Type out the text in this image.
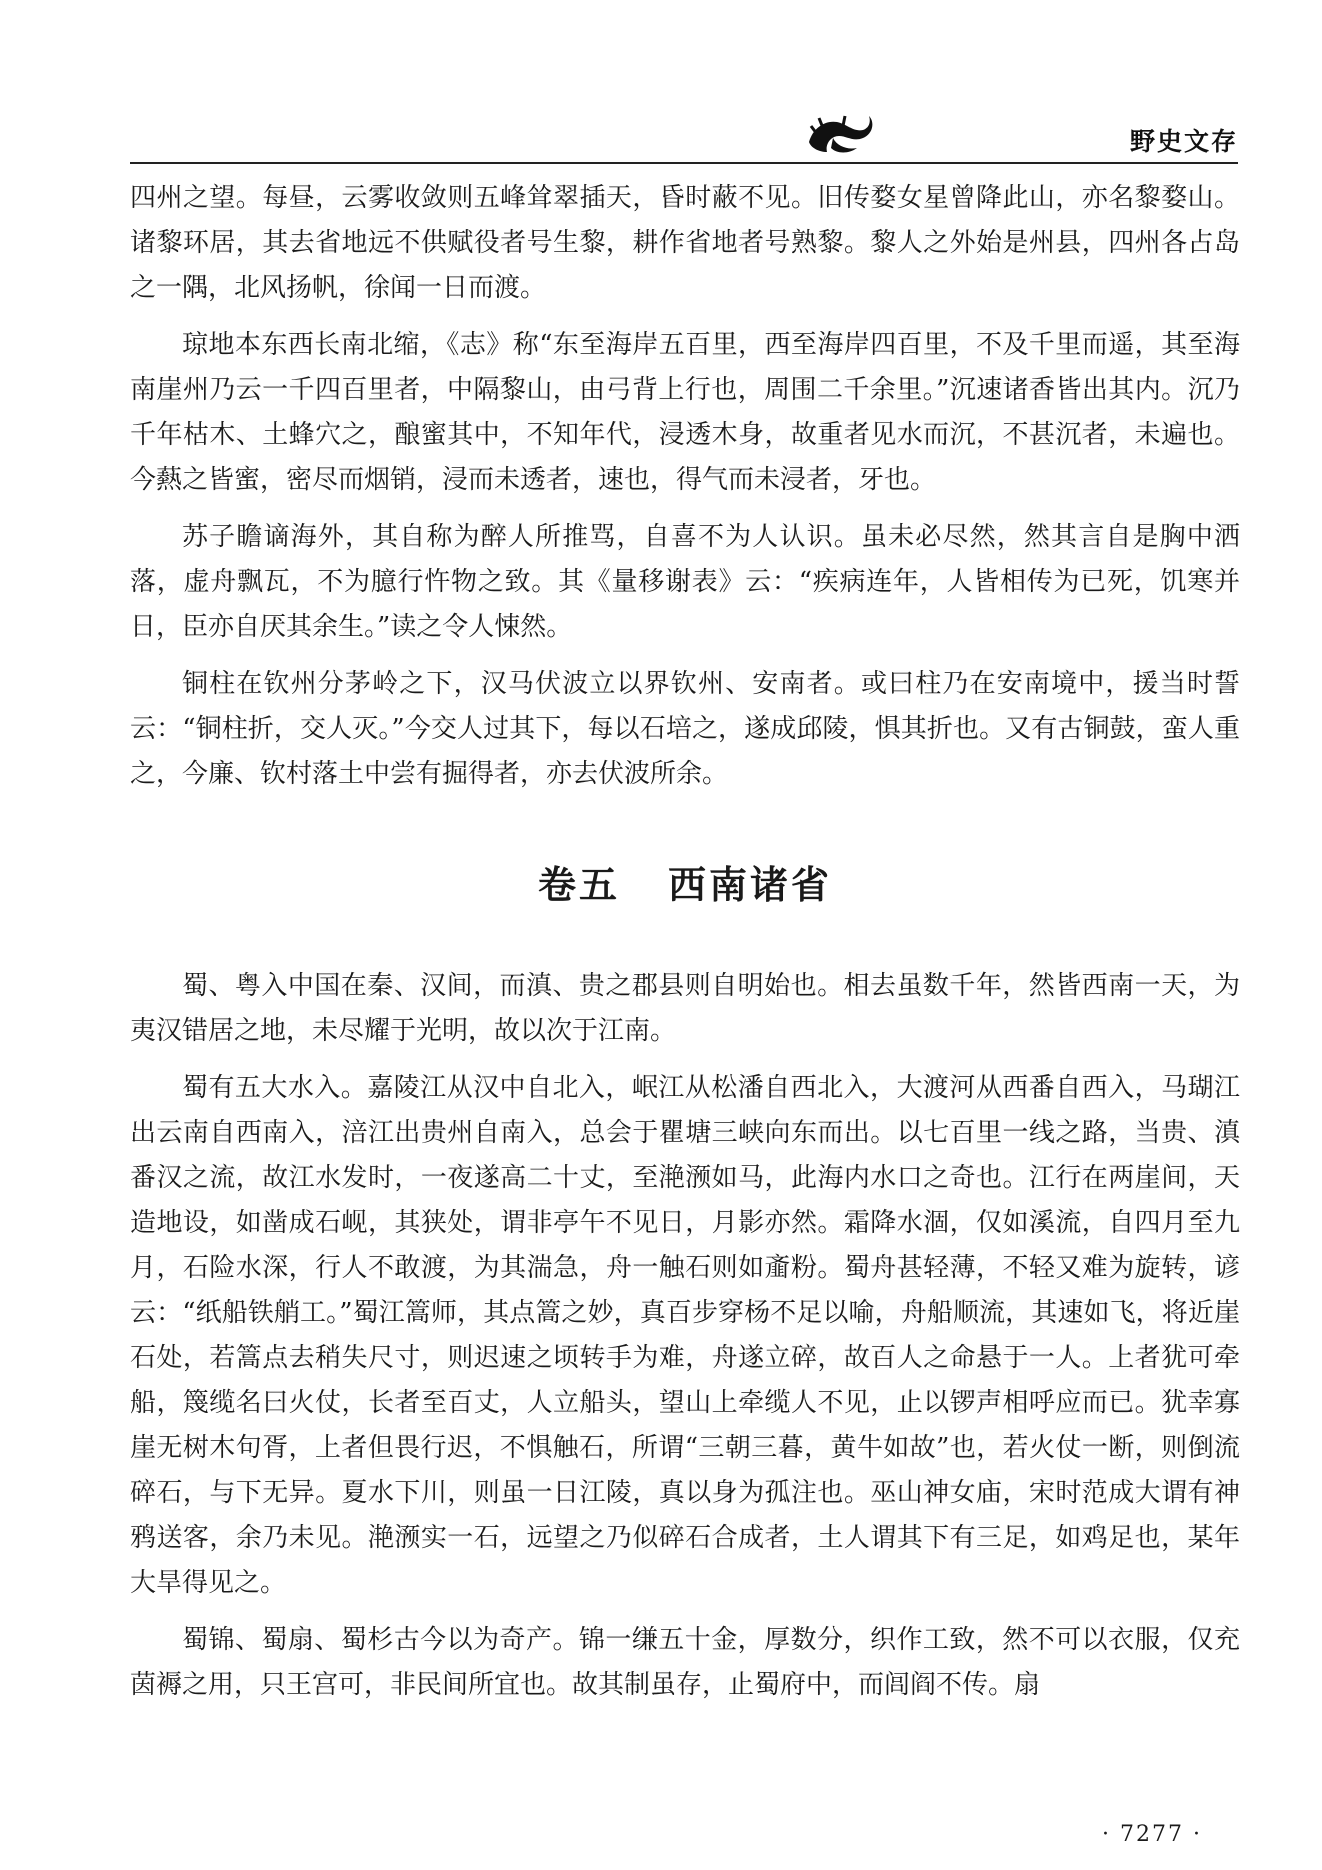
野史文存

四州之望。每昼，云雾收敛则五峰耸翠插天，昏时蔽不见。旧传婺女星曾降此山，亦名黎婺山。诸黎环居，其去省地远不供赋役者号生黎，耕作省地者号熟黎。黎人之外始是州县，四州各占岛之一隅，北风扬帆，徐闻一日而渡。

琼地本东西长南北缩，《志》称“东至海岸五百里，西至海岸四百里，不及千里而遥，其至海南崖州乃云一千四百里者，中隔黎山，由弓背上行也，周围二千余里。”沉速诸香皆出其内。沉乃千年枯木、土蜂穴之，酿蜜其中，不知年代，浸透木身，故重者见水而沉，不甚沉者，未遍也。今爇之皆蜜，密尽而烟销，浸而未透者，速也，得气而未浸者，牙也。

苏子瞻谪海外，其自称为醉人所推骂，自喜不为人认识。虽未必尽然，然其言自是胸中洒落，虚舟飘瓦，不为臆行忤物之致。其《量移谢表》云：“疾病连年，人皆相传为已死，饥寒并日，臣亦自厌其余生。”读之令人悚然。

铜柱在钦州分茅岭之下，汉马伏波立以界钦州、安南者。或曰柱乃在安南境中，援当时誓云：“铜柱折，交人灭。”今交人过其下，每以石培之，遂成邱陵，惧其折也。又有古铜鼓，蛮人重之，今廉、钦村落土中尝有掘得者，亦去伏波所余。

卷五 西南诸省

蜀、粤入中国在秦、汉间，而滇、贵之郡县则自明始也。相去虽数千年，然皆西南一天，为夷汉错居之地，未尽耀于光明，故以次于江南。

蜀有五大水入。嘉陵江从汉中自北入，岷江从松潘自西北入，大渡河从西番自西入，马瑚江出云南自西南入，涪江出贵州自南入，总会于瞿塘三峡向东而出。以七百里一线之路，当贵、滇番汉之流，故江水发时，一夜遂高二十丈，至滟滪如马，此海内水口之奇也。江行在两崖间，天造地设，如凿成石岘，其狭处，谓非亭午不见日，月影亦然。霜降水涸，仅如溪流，自四月至九月，石险水深，行人不敢渡，为其湍急，舟一触石则如齑粉。蜀舟甚轻薄，不轻又难为旋转，谚云：“纸船铁艄工。”蜀江篙师，其点篙之妙，真百步穿杨不足以喻，舟船顺流，其速如飞，将近崖石处，若篙点去稍失尺寸，则迟速之顷转手为难，舟遂立碎，故百人之命悬于一人。上者犹可牵船，篾缆名曰火仗，长者至百丈，人立船头，望山上牵缆人不见，止以锣声相呼应而已。犹幸寡崖无树木句胥，上者但畏行迟，不惧触石，所谓“三朝三暮，黄牛如故”也，若火仗一断，则倒流碎石，与下无异。夏水下川，则虽一日江陵，真以身为孤注也。巫山神女庙，宋时范成大谓有神鸦送客，余乃未见。滟滪实一石，远望之乃似碎石合成者，土人谓其下有三足，如鸡足也，某年大旱得见之。

蜀锦、蜀扇、蜀杉古今以为奇产。锦一缣五十金，厚数分，织作工致，然不可以衣服，仅充茵褥之用，只王宫可，非民间所宜也。故其制虽存，止蜀府中，而闾阎不传。扇

· 7277 ·
